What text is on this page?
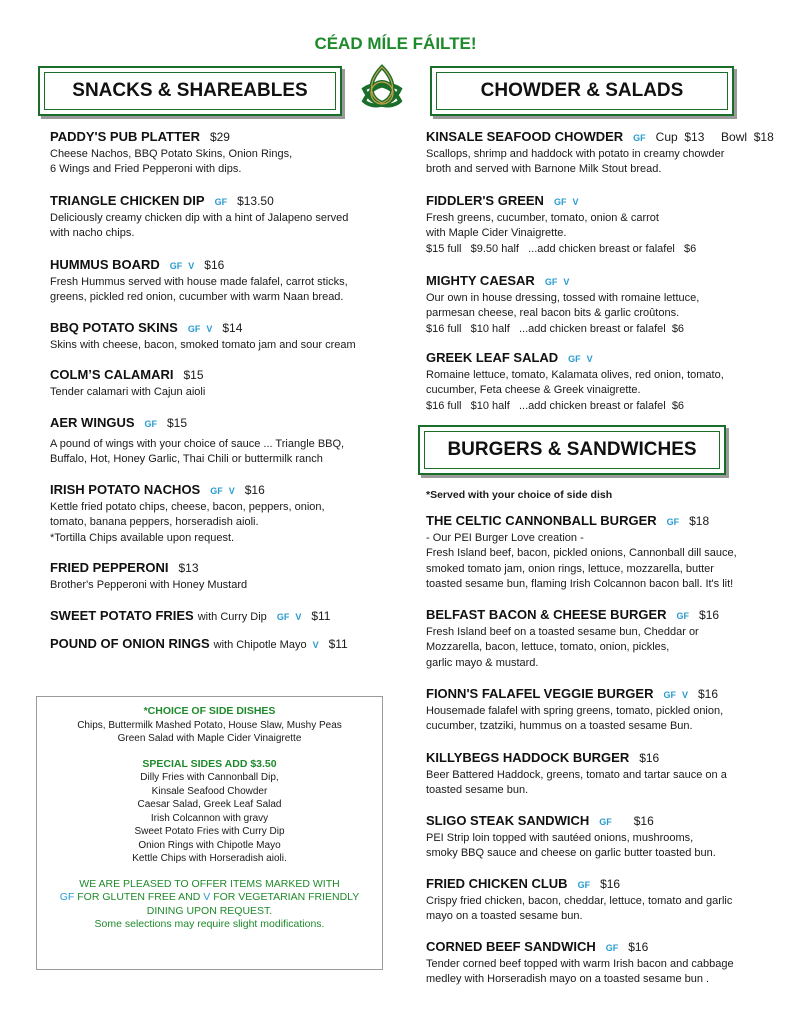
CÉAD MÍLE FÁILTE!
SNACKS & SHAREABLES	CHOWDER & SALADS
PADDY'S PUB PLATTER $29
Cheese Nachos, BBQ Potato Skins, Onion Rings,
6 Wings and Fried Pepperoni with dips.
TRIANGLE CHICKEN DIP GF $13.50
Deliciously creamy chicken dip with a hint of Jalapeno served
with nacho chips.
HUMMUS BOARD GF V $16
Fresh Hummus served with house made falafel, carrot sticks,
greens, pickled red onion, cucumber with warm Naan bread.
BBQ POTATO SKINS GF V $14
Skins with cheese, bacon, smoked tomato jam and sour cream
COLM’S CALAMARI $15
Tender calamari with Cajun aioli
AER WINGUS GF $15
A pound of wings with your choice of sauce ... Triangle BBQ,
Buffalo, Hot, Honey Garlic, Thai Chili or buttermilk ranch
IRISH POTATO NACHOS GF V $16
Kettle fried potato chips, cheese, bacon, peppers, onion,
tomato, banana peppers, horseradish aioli.
*Tortilla Chips available upon request.
FRIED PEPPERONI $13
Brother's Pepperoni with Honey Mustard
SWEET POTATO FRIES with Curry Dip GF V $11
POUND OF ONION RINGS with Chipotle Mayo V $11
*CHOICE OF SIDE DISHES
Chips, Buttermilk Mashed Potato, House Slaw, Mushy Peas
Green Salad with Maple Cider Vinaigrette
SPECIAL SIDES ADD $3.50
Dilly Fries with Cannonball Dip,
Kinsale Seafood Chowder
Caesar Salad, Greek Leaf Salad
Irish Colcannon with gravy
Sweet Potato Fries with Curry Dip
Onion Rings with Chipotle Mayo
Kettle Chips with Horseradish aioli.
WE ARE PLEASED TO OFFER ITEMS MARKED WITH
GF FOR GLUTEN FREE AND V FOR VEGETARIAN FRIENDLY
DINING UPON REQUEST.
Some selections may require slight modifications.
KINSALE SEAFOOD CHOWDER GF Cup  $13     Bowl  $18
Scallops, shrimp and haddock with potato in creamy chowder
broth and served with Barnone Milk Stout bread.
FIDDLER'S GREEN GF V
Fresh greens, cucumber, tomato, onion & carrot
with Maple Cider Vinaigrette.
$15 full   $9.50 half   ...add chicken breast or falafel   $6
MIGHTY CAESAR GF V
Our own in house dressing, tossed with romaine lettuce,
parmesan cheese, real bacon bits & garlic croûtons.
$16 full   $10 half   ...add chicken breast or falafel  $6
GREEK LEAF SALAD GF V
Romaine lettuce, tomato, Kalamata olives, red onion, tomato,
cucumber, Feta cheese & Greek vinaigrette.
$16 full   $10 half   ...add chicken breast or falafel  $6
BURGERS & SANDWICHES
*Served with your choice of side dish
THE CELTIC CANNONBALL BURGER GF $18
- Our PEI Burger Love creation -
Fresh Island beef, bacon, pickled onions, Cannonball dill sauce,
smoked tomato jam, onion rings, lettuce, mozzarella, butter
toasted sesame bun, flaming Irish Colcannon bacon ball. It's lit!
BELFAST BACON & CHEESE BURGER GF $16
Fresh Island beef on a toasted sesame bun, Cheddar or
Mozzarella, bacon, lettuce, tomato, onion, pickles,
garlic mayo & mustard.
FIONN'S FALAFEL VEGGIE BURGER GF V $16
Housemade falafel with spring greens, tomato, pickled onion,
cucumber, tzatziki, hummus on a toasted sesame Bun.
KILLYBEGS HADDOCK BURGER $16
Beer Battered Haddock, greens, tomato and tartar sauce on a
toasted sesame bun.
SLIGO STEAK SANDWICH GF $16
PEI Strip loin topped with sautéed onions, mushrooms,
smoky BBQ sauce and cheese on garlic butter toasted bun.
FRIED CHICKEN CLUB GF $16
Crispy fried chicken, bacon, cheddar, lettuce, tomato and garlic
mayo on a toasted sesame bun.
CORNED BEEF SANDWICH GF $16
Tender corned beef topped with warm Irish bacon and cabbage
medley with Horseradish mayo on a toasted sesame bun .
